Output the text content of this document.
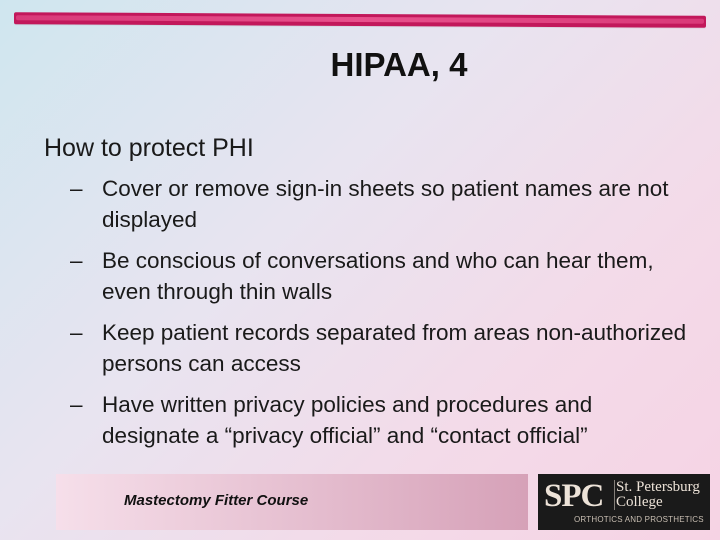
HIPAA, 4
How to protect PHI
– Cover or remove sign-in sheets so patient names are not displayed
– Be conscious of conversations and who can hear them, even through thin walls
– Keep patient records separated from areas non-authorized persons can access
– Have written privacy policies and procedures and designate a “privacy official” and “contact official”
Mastectomy Fitter Course	SPC St. Petersburg
College
ORTHOTICS AND PROSTHETICS
